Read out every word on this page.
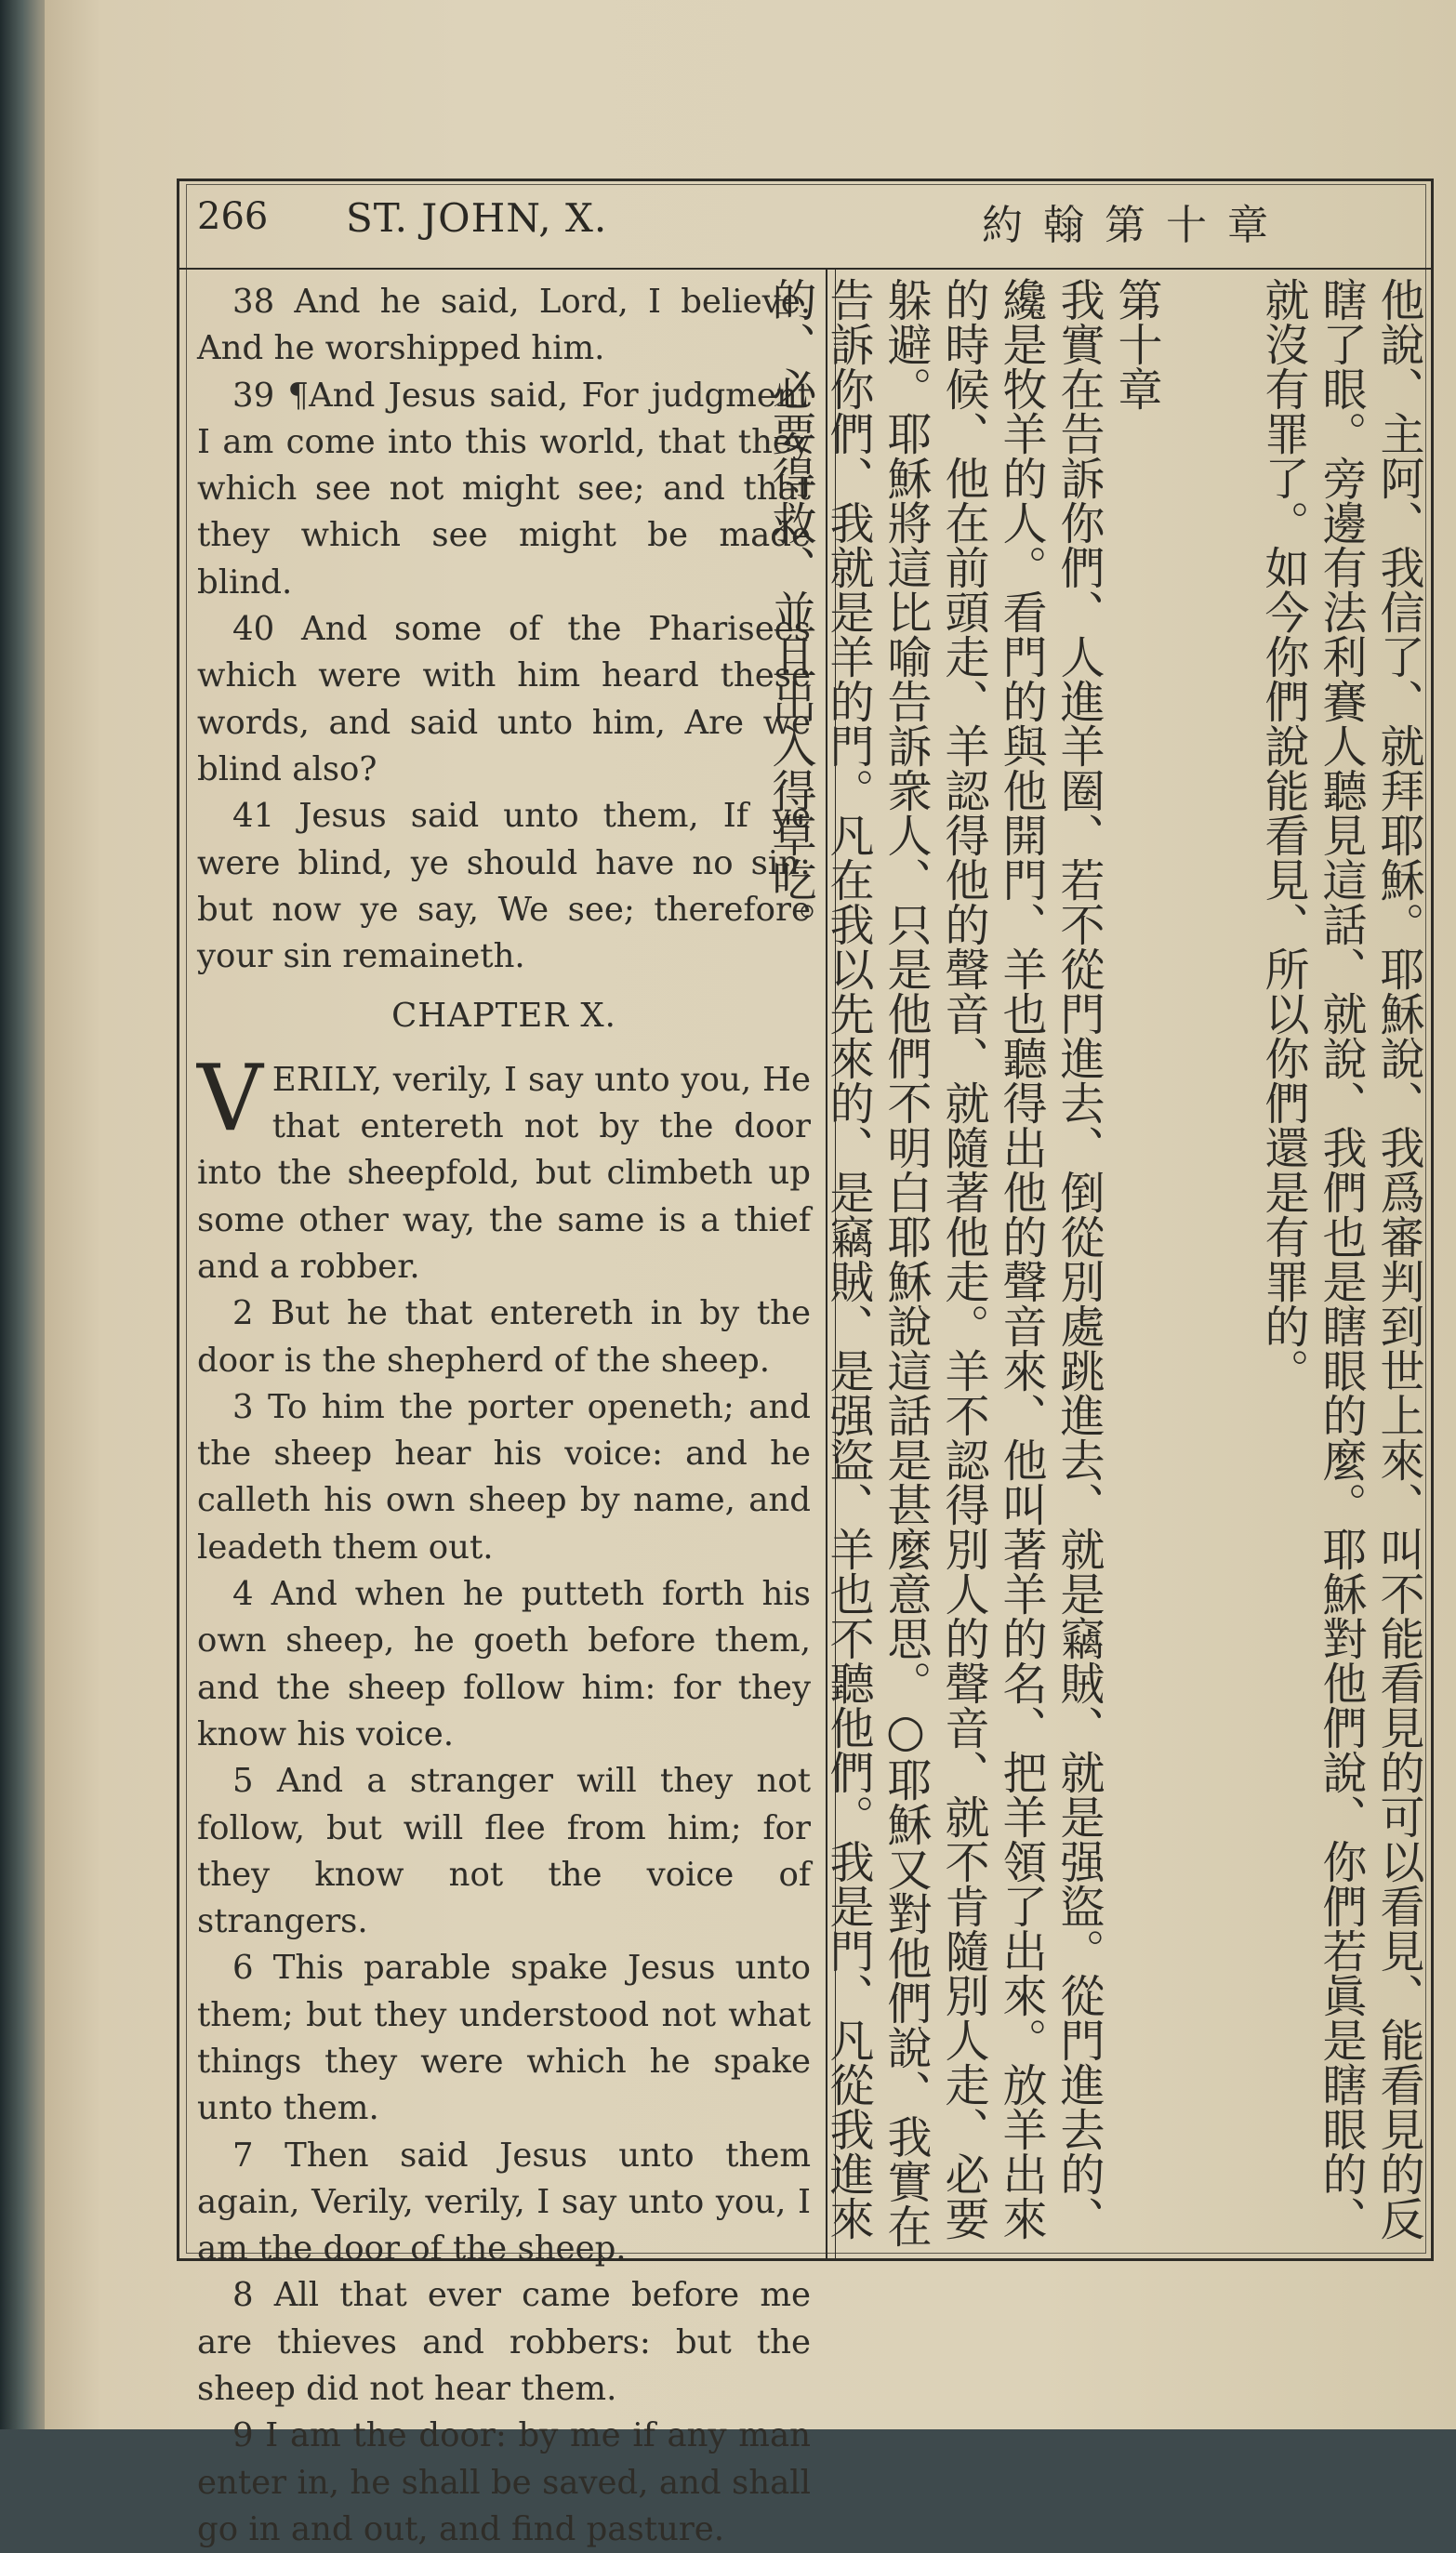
266 ST. JOHN, X.	約翰第十章

38 And he said, Lord, I believe. And he worshipped him.

39 ¶And Jesus said, For judgment I am come into this world, that they which see not might see; and that they which see might be made blind.

40 And some of the Pharisees which were with him heard these words, and said unto him, Are we blind also?

41 Jesus said unto them, If ye were blind, ye should have no sin: but now ye say, We see; therefore your sin remaineth.

CHAPTER X.

VERILY, verily, I say unto you, He that entereth not by the door into the sheepfold, but climbeth up some other way, the same is a thief and a robber.

2 But he that entereth in by the door is the shepherd of the sheep.

3 To him the porter openeth; and the sheep hear his voice: and he calleth his own sheep by name, and leadeth them out.

4 And when he putteth forth his own sheep, he goeth before them, and the sheep follow him: for they know his voice.

5 And a stranger will they not follow, but will flee from him; for they know not the voice of strangers.

6 This parable spake Jesus unto them; but they understood not what things they were which he spake unto them.

7 Then said Jesus unto them again, Verily, verily, I say unto you, I am the door of the sheep.

8 All that ever came before me are thieves and robbers: but the sheep did not hear them.

9 I am the door: by me if any man enter in, he shall be saved, and shall go in and out, and find pasture.

他說、主阿、我信了、就拜耶穌。耶穌說、我爲審判到世上來、叫不能看見的可以看見、能看見的反瞎了眼。旁邊有法利賽人聽見這話、就說、我們也是瞎眼的麼。耶穌對他們說、你們若眞是瞎眼的、就沒有罪了。如今你們說能看見、所以你們還是有罪的。
第十章
我實在告訴你們、人進羊圈、若不從門進去、倒從別處跳進去、就是竊賊、就是强盜。從門進去的、纔是牧羊的人。看門的與他開門、羊也聽得出他的聲音來、他叫著羊的名、把羊領了出來。放羊出來的時候、他在前頭走、羊認得他的聲音、就隨著他走。羊不認得別人的聲音、就不肯隨別人走、必要躲避。耶穌將這比喻告訴衆人、只是他們不明白耶穌說這話是甚麼意思。○耶穌又對他們說、我實在告訴你們、我就是羊的門。凡在我以先來的、是竊賊、是强盜、羊也不聽他們。我是門、凡從我進來的、必要得救、並且出入得草吃。
